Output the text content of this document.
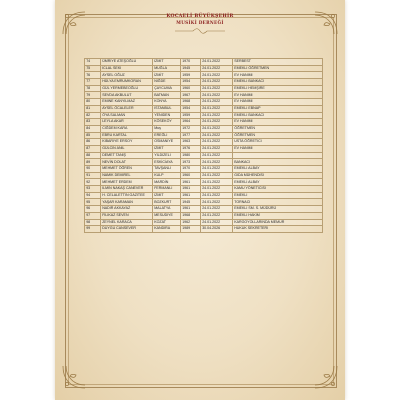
KOCAELİ BÜYÜKŞEHİR
MUSİKİ DERNEĞİ
74	ÜMRİYE ATEŞOĞLU	İZMİT	1970	24.01.2022	SERBEST
75	İCLAL SEKİ	MUĞLA	1945	24.01.2022	EMEKLİ ÖĞRETMEN
76	AYSEL OĞUZ	İZMİT	1959	24.01.2022	EV HANIMI
77	HÜLYA EMRUMKORAN	NİĞDE	1954	24.01.2022	EMEKLİ BANKACI
78	GÜL YERMEBEOĞLU	ÇAYCUMA	1960	24.01.2022	EMEKLİ HEMŞİRE
79	SEVDA AKBULUT	BATMAN	1967	24.01.2022	EV HANIMI
80	EMİNE KANYILMAZ	KONYA	1968	24.01.2022	EV HANIMI
81	AYSEL ÖCALELER	İSTANBUL	1954	24.01.2022	EMEKLİ EBNAP
82	ÖYA SALMAN	YENİDEN	1959	24.01.2022	EMEKLİ BANKACI
83	LEYLA AKAR	KÖSEKÖY	1964	24.01.2022	EV HANIMI
84	CİĞDEM KARA	Muş	1972	24.01.2022	ÖĞRETMEN
85	EBRU KARTAL	EREĞLİ	1977	24.01.2022	ÖĞRETMEN
86	KIBARİYE ERSOY	OSMANİYE	1963	24.01.2022	USTA ÖĞRETİCİ
87	GÜLCİN ANIL	İZMİT	1976	24.01.2022	EV HANIMI
88	DEMET TANIŞ	YILDIZELİ	1980	24.01.2022	
89	NEVİN DOLAT	ESKİCİAYA	1973	24.01.2022	BANKACI
90	MEHMET ÖĞREN	TAVŞANLI	1970	24.01.2022	EMEKLİ ALBAY
91	NAMIK DEMİREL	KULP	1960	24.01.2022	GIDA MÜHENDİSİ
92	MEHMET ERDEM	MARDİN	1961	24.01.2022	EMEKLİ ALBAY
93	İLMİN NAKAŞ CANEVER	FERMANLI	1961	24.01.2022	KAMU YÖNETİCİSİ
94	H. CELALETTİN GAZİTEE	İZMİT	1961	24.01.2022	EMEKLİ
95	YAŞAR KARAMAN	BOZKURT	1945	24.01.2022	TORNACI
96	NADİR AKKAYAZ	MALATYA	1961	24.01.2022	EMEKLİ SM. S. MÜDÜRÜ
97	FİLİKAZ SEVEN	MESUDİYE	1968	24.01.2022	EMEKLİ HAKİM
98	ZEYNEL KARACA	KOZAT	1962	24.01.2022	KARGOYOLLARINDA MEMUR
99	DUYGU CANSEVER	KANDIRA	1989	30.04.2026	HUKUK SEKRETERİ
